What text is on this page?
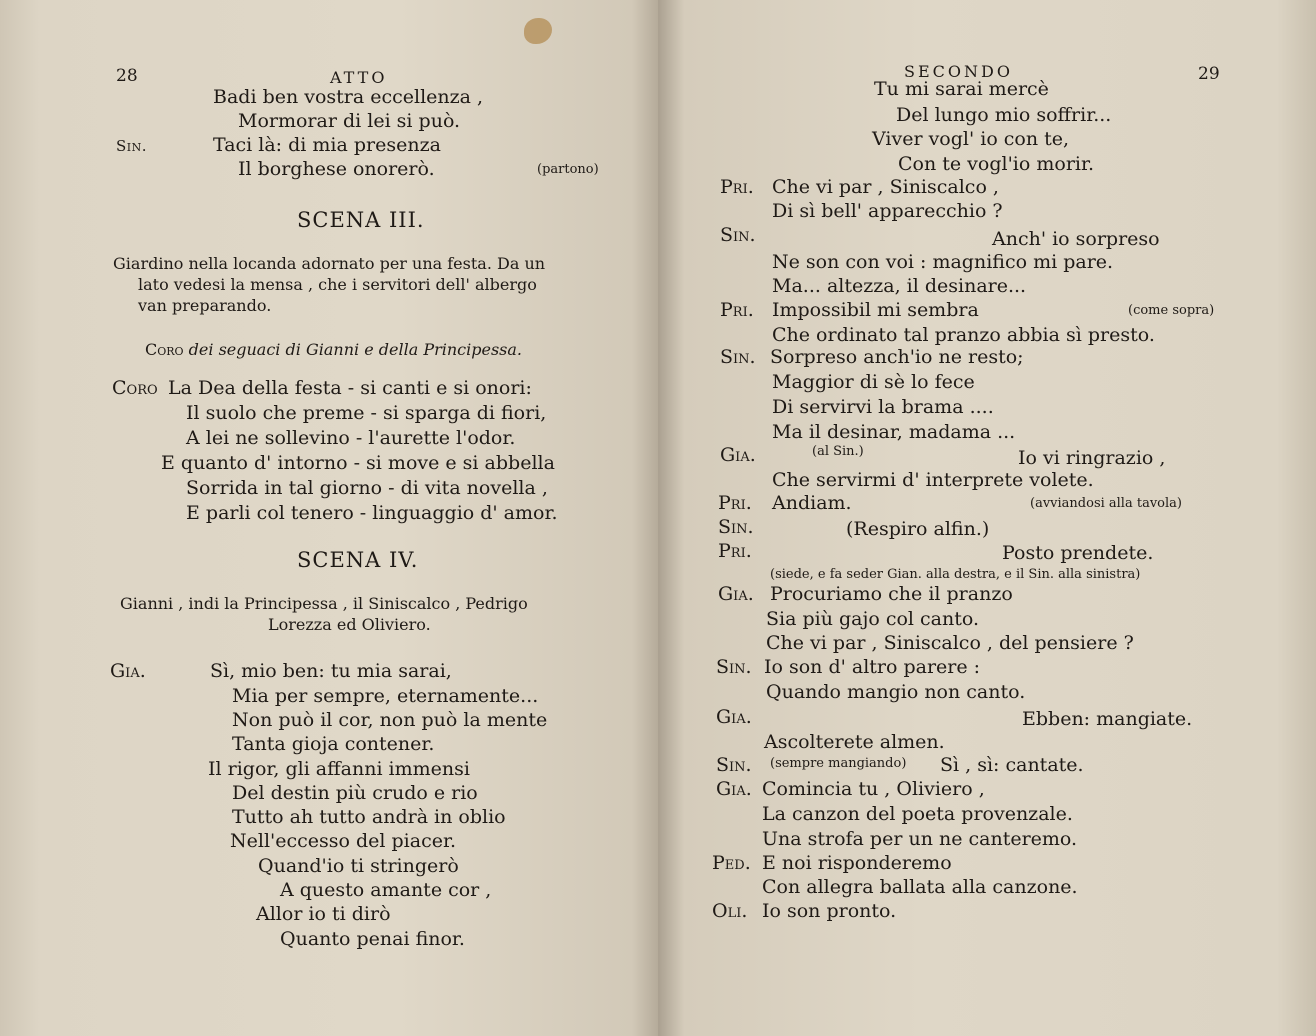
28	ATTO
Badi ben vostra eccellenza ,
Mormorar di lei si può.
Sin.	Taci là: di mia presenza
Il borghese onorerò.	(partono)
SCENA III.
Giardino nella locanda adornato per una festa. Da un
lato vedesi la mensa , che i servitori dell' albergo
van preparando.
Coro dei seguaci di Gianni e della Principessa.
Coro La Dea della festa - si canti e si onori:
Il suolo che preme - si sparga di fiori,
A lei ne sollevino - l'aurette l'odor.
E quanto d' intorno - si move e si abbella
Sorrida in tal giorno - di vita novella ,
E parli col tenero - linguaggio d' amor.
SCENA IV.
Gianni , indi la Principessa , il Siniscalco , Pedrigo
Lorezza ed Oliviero.
Gia.	Sì, mio ben: tu mia sarai,
Mia per sempre, eternamente...
Non può il cor, non può la mente
Tanta gioja contener.
Il rigor, gli affanni immensi
Del destin più crudo e rio
Tutto ah tutto andrà in oblio
Nell'eccesso del piacer.
Quand'io ti stringerò
A questo amante cor ,
Allor io ti dirò
Quanto penai finor.
SECONDO	29
Tu mi sarai mercè
Del lungo mio soffrir...
Viver vogl' io con te,
Con te vogl'io morir.
Pri. Che vi par , Siniscalco ,
Di sì bell' apparecchio ?
Sin.	Anch' io sorpreso
Ne son con voi : magnifico mi pare.
Ma... altezza, il desinare...
Pri. Impossibil mi sembra	(come sopra)
Che ordinato tal pranzo abbia sì presto.
Sin. Sorpreso anch'io ne resto;
Maggior di sè lo fece
Di servirvi la brama ....
Ma il desinar, madama ...
Gia.	(al Sin.)	Io vi ringrazio ,
Che servirmi d' interprete volete.
Pri. Andiam.	(avviandosi alla tavola)
Sin.	(Respiro alfin.)
Pri.	Posto prendete.
(siede, e fa seder Gian. alla destra, e il Sin. alla sinistra)
Gia. Procuriamo che il pranzo
Sia più gajo col canto.
Che vi par , Siniscalco , del pensiere ?
Sin. Io son d' altro parere :
Quando mangio non canto.
Gia.	Ebben: mangiate.
Ascolterete almen.
Sin. (sempre mangiando) Sì , sì: cantate.
Gia. Comincia tu , Oliviero ,
La canzon del poeta provenzale.
Una strofa per un ne canteremo.
Ped. E noi risponderemo
Con allegra ballata alla canzone.
Oli. Io son pronto.
